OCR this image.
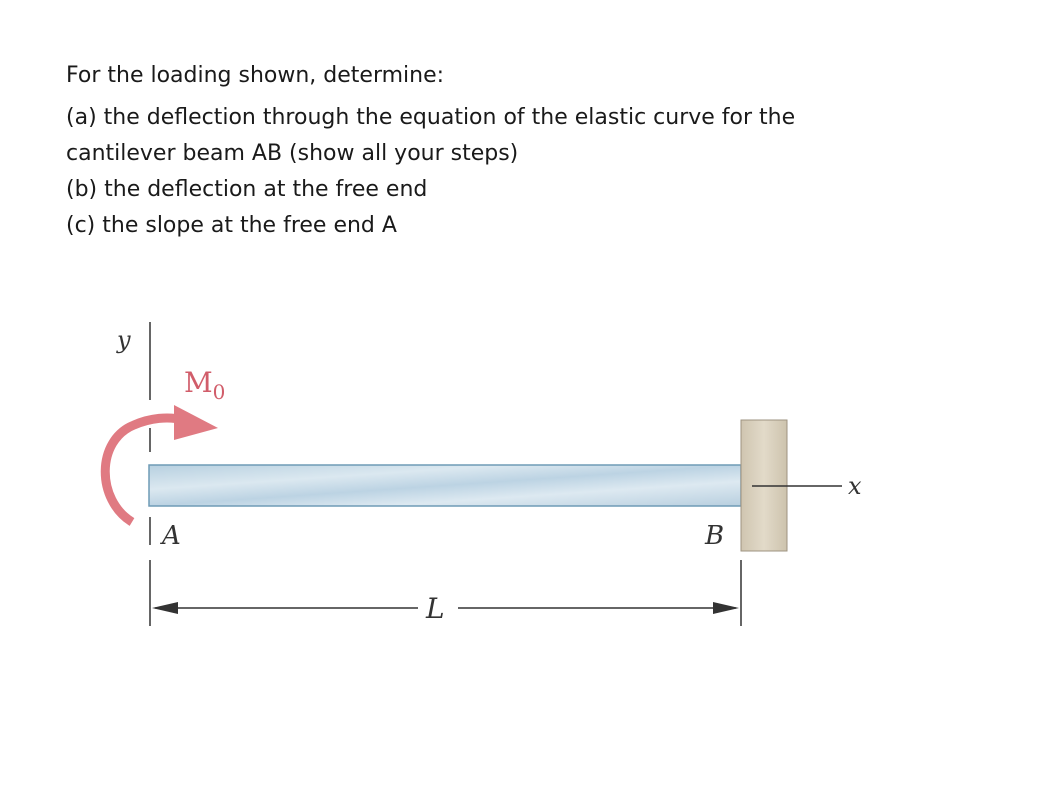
For the loading shown, determine:

(a) the deflection through the equation of the elastic curve for the cantilever beam AB (show all your steps)

(b) the deflection at the free end

(c) the slope at the free end A

y
$M_0$
x
A	B
L
